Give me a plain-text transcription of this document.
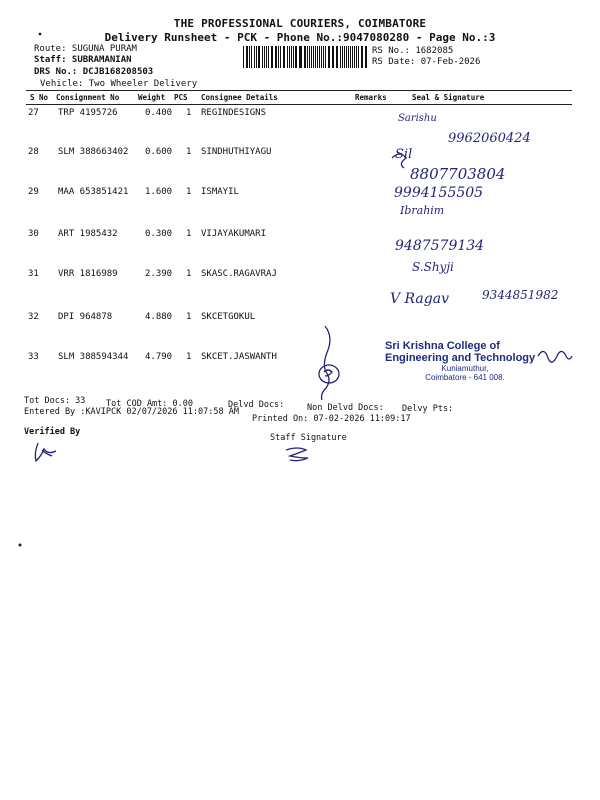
THE PROFESSIONAL COURIERS, COIMBATORE
Delivery Runsheet - PCK - Phone No.:9047080280 - Page No.:3
Route: SUGUNA PURAM
Staff: SUBRAMANIAN
DRS No.: DCJB168208503
Vehicle: Two Wheeler Delivery
RS No.: 1682085
RS Date: 07-Feb-2026
S No Consignment No	Weight PCS Consignee Details	Remarks	Seal & Signature
27 TRP 4195726	0.400 1 REGINDESIGNS	Sarishu
9962060424
28 SLM 388663402 0.600 1 SINDHUTHIYAGU	Sil
8807703804
29 MAA 653851421 1.600 1 ISMAYIL	9994155505
Ibrahim
30 ART 1985432	0.300 1 VIJAYAKUMARI
9487579134
S.Shyji
31 VRR 1816989	2.390 1 SKASC.RAGAVRAJ
V Ragav	9344851982
32 DPI 964878	4.880 1 SKCETGOKUL
33 SLM 388594344 4.790 1 SKCET.JASWANTH
Sri Krishna College of
Engineering and Technology
Kuniamuthur,
Coimbatore - 641 008.
Tot Docs: 33 Tot COD Amt: 0.00	Delvd Docs:	Non Delvd Docs: Delvy Pts:
Entered By :KAVIPCK 02/07/2026 11:07:58 AM
Printed On: 07-02-2026 11:09:17
Verified By
Staff Signature
